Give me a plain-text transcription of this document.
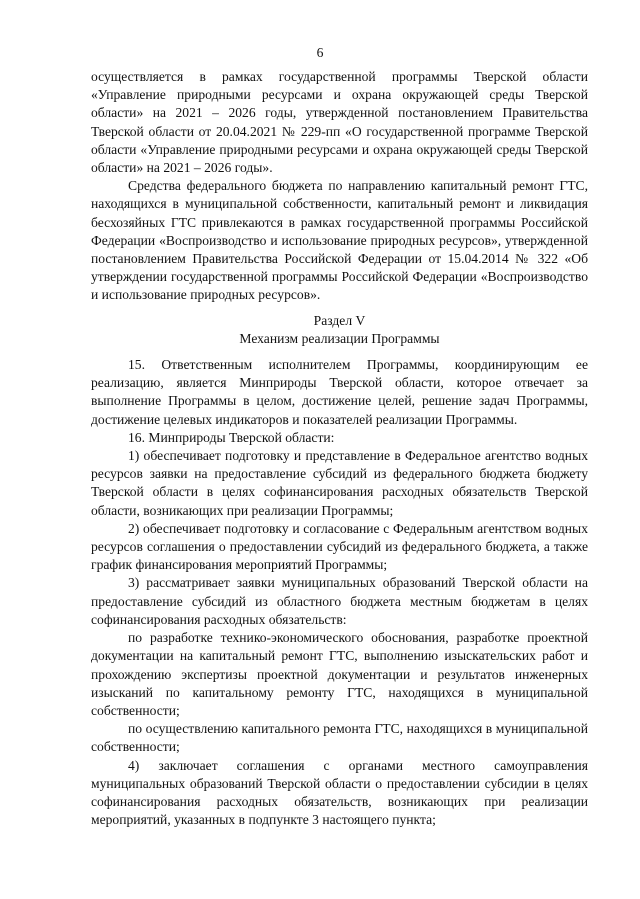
6

осуществляется в рамках государственной программы Тверской области «Управление природными ресурсами и охрана окружающей среды Тверской области» на 2021 – 2026 годы, утвержденной постановлением Правительства Тверской области от 20.04.2021 № 229-пп «О государственной программе Тверской области «Управление природными ресурсами и охрана окружающей среды Тверской области» на 2021 – 2026 годы».

Средства федерального бюджета по направлению капитальный ремонт ГТС, находящихся в муниципальной собственности, капитальный ремонт и ликвидация бесхозяйных ГТС привлекаются в рамках государственной программы Российской Федерации «Воспроизводство и использование природных ресурсов», утвержденной постановлением Правительства Российской Федерации от 15.04.2014 № 322 «Об утверждении государственной программы Российской Федерации «Воспроизводство и использование природных ресурсов».

Раздел V

Механизм реализации Программы

15. Ответственным исполнителем Программы, координирующим ее реализацию, является Минприроды Тверской области, которое отвечает за выполнение Программы в целом, достижение целей, решение задач Программы, достижение целевых индикаторов и показателей реализации Программы.

16. Минприроды Тверской области:

1) обеспечивает подготовку и представление в Федеральное агентство водных ресурсов заявки на предоставление субсидий из федерального бюджета бюджету Тверской области в целях софинансирования расходных обязательств Тверской области, возникающих при реализации Программы;

2) обеспечивает подготовку и согласование с Федеральным агентством водных ресурсов соглашения о предоставлении субсидий из федерального бюджета, а также график финансирования мероприятий Программы;

3) рассматривает заявки муниципальных образований Тверской области на предоставление субсидий из областного бюджета местным бюджетам в целях софинансирования расходных обязательств:

по разработке технико-экономического обоснования, разработке проектной документации на капитальный ремонт ГТС, выполнению изыскательских работ и прохождению экспертизы проектной документации и результатов инженерных изысканий по капитальному ремонту ГТС, находящихся в муниципальной собственности;

по осуществлению капитального ремонта ГТС, находящихся в муниципальной собственности;

4) заключает соглашения с органами местного самоуправления муниципальных образований Тверской области о предоставлении субсидии в целях софинансирования расходных обязательств, возникающих при реализации мероприятий, указанных в подпункте 3 настоящего пункта;
